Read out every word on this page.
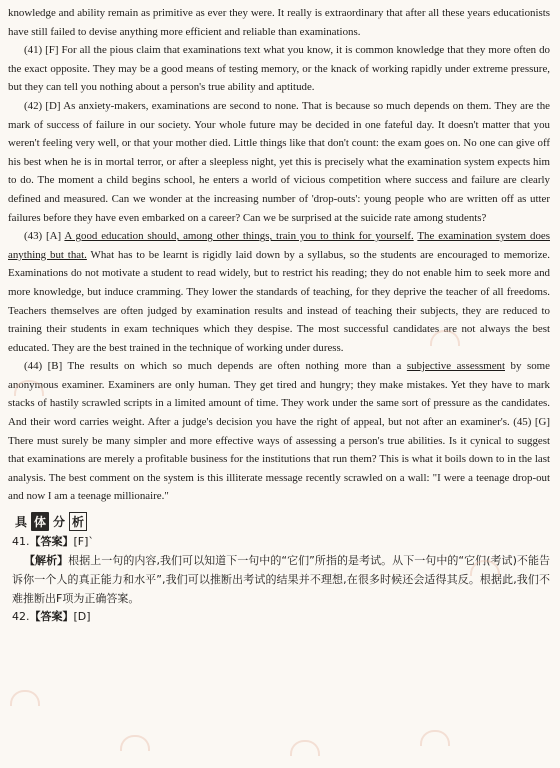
knowledge and ability remain as primitive as ever they were. It really is extraordinary that after all these years educationists have still failed to devise anything more efficient and reliable than examinations.

(41) [F] For all the pious claim that examinations text what you know, it is common knowledge that they more often do the exact opposite. They may be a good means of testing memory, or the knack of working rapidly under extreme pressure, but they can tell you nothing about a person's true ability and aptitude.

(42) [D] As anxiety-makers, examinations are second to none. That is because so much depends on them. They are the mark of success of failure in our society. Your whole future may be decided in one fateful day. It doesn't matter that you weren't feeling very well, or that your mother died. Little things like that don't count: the exam goes on. No one can give off his best when he is in mortal terror, or after a sleepless night, yet this is precisely what the examination system expects him to do. The moment a child begins school, he enters a world of vicious competition where success and failure are clearly defined and measured. Can we wonder at the increasing number of 'drop-outs': young people who are written off as utter failures before they have even embarked on a career? Can we be surprised at the suicide rate among students?

(43) [A] A good education should, among other things, train you to think for yourself. The examination system does anything but that. What has to be learnt is rigidly laid down by a syllabus, so the students are encouraged to memorize. Examinations do not motivate a student to read widely, but to restrict his reading; they do not enable him to seek more and more knowledge, but induce cramming. They lower the standards of teaching, for they deprive the teacher of all freedoms. Teachers themselves are often judged by examination results and instead of teaching their subjects, they are reduced to training their students in exam techniques which they despise. The most successful candidates are not always the best educated. They are the best trained in the technique of working under duress.

(44) [B] The results on which so much depends are often nothing more than a subjective assessment by some anonymous examiner. Examiners are only human. They get tired and hungry; they make mistakes. Yet they have to mark stacks of hastily scrawled scripts in a limited amount of time. They work under the same sort of pressure as the candidates. And their word carries weight. After a judge's decision you have the right of appeal, but not after an examiner's. (45) [G] There must surely be many simpler and more effective ways of assessing a person's true abilities. Is it cynical to suggest that examinations are merely a profitable business for the institutions that run them? This is what it boils down to in the last analysis. The best comment on the system is this illiterate message recently scrawled on a wall: "I were a teenage drop-out and now I am a teenage millionaire."

具 体 分 析

41.【答案】[F]`

【解析】根据上一句的内容,我们可以知道下一句中的“它们”所指的是考试。从下一句中的“它们(考试)不能告诉你一个人的真正能力和水平”,我们可以推断出考试的结果并不理想,在很多时候还会适得其反。根据此,我们不难推断出F项为正确答案。

42.【答案】[D]
